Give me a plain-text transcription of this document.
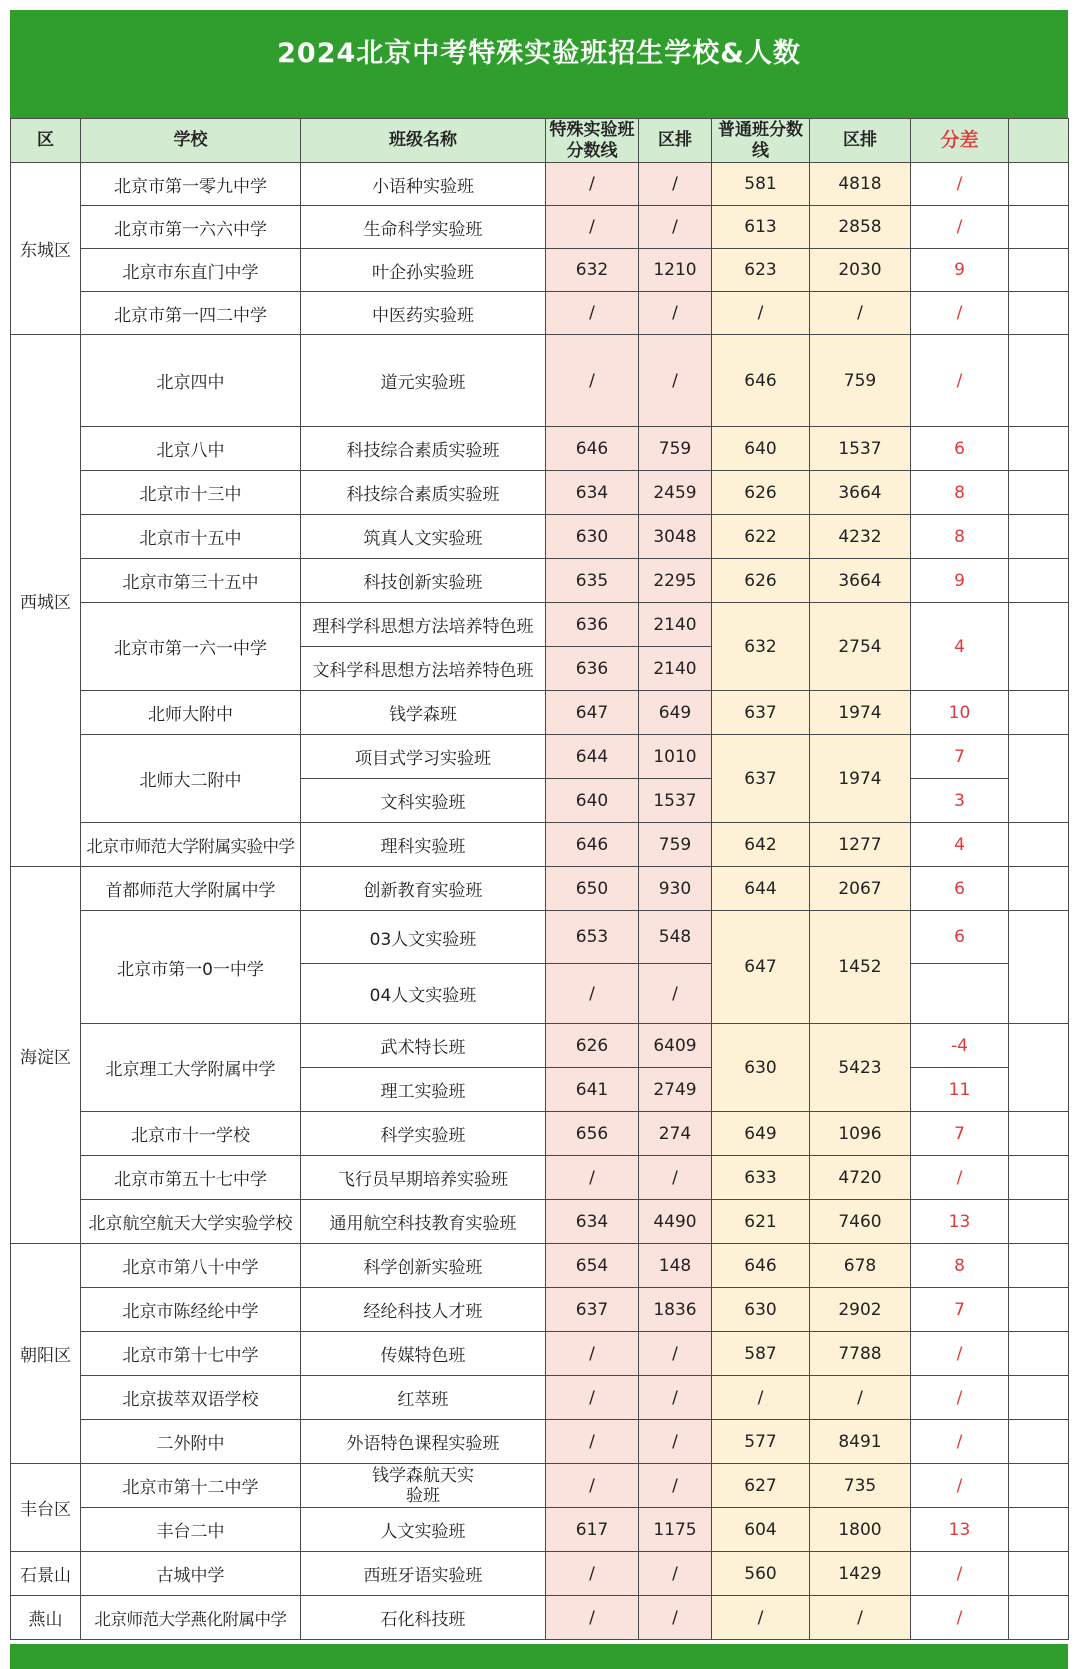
2024北京中考特殊实验班招生学校&人数
区	学校	班级名称	特殊实验班分数线	区排	普通班分数线	区排	分差	
东城区	北京市第一零九中学	小语种实验班	/	/	581	4818	/	
	北京市第一六六中学	生命科学实验班	/	/	613	2858	/	
	北京市东直门中学	叶企孙实验班	632	1210	623	2030	9	
	北京市第一四二中学	中医药实验班	/	/	/	/	/	
西城区	北京四中	道元实验班	/	/	646	759	/	
	北京八中	科技综合素质实验班	646	759	640	1537	6	
	北京市十三中	科技综合素质实验班	634	2459	626	3664	8	
	北京市十五中	筑真人文实验班	630	3048	622	4232	8	
	北京市第三十五中	科技创新实验班	635	2295	626	3664	9	
	北京市第一六一中学	理科学科思想方法培养特色班	636	2140	632	2754	4	
		文科学科思想方法培养特色班	636	2140				
	北师大附中	钱学森班	647	649	637	1974	10	
	北师大二附中	项目式学习实验班	644	1010	637	1974	7	
		文科实验班	640	1537			3	
	北京市师范大学附属实验中学	理科实验班	646	759	642	1277	4	
海淀区	首都师范大学附属中学	创新教育实验班	650	930	644	2067	6	
	北京市第一0一中学	03人文实验班	653	548	647	1452	6	
		04人文实验班	/	/				
	北京理工大学附属中学	武术特长班	626	6409	630	5423	-4	
		理工实验班	641	2749			11	
	北京市十一学校	科学实验班	656	274	649	1096	7	
	北京市第五十七中学	飞行员早期培养实验班	/	/	633	4720	/	
	北京航空航天大学实验学校	通用航空科技教育实验班	634	4490	621	7460	13	
朝阳区	北京市第八十中学	科学创新实验班	654	148	646	678	8	
	北京市陈经纶中学	经纶科技人才班	637	1836	630	2902	7	
	北京市第十七中学	传媒特色班	/	/	587	7788	/	
	北京拔萃双语学校	红萃班	/	/	/	/	/	
	二外附中	外语特色课程实验班	/	/	577	8491	/	
丰台区	北京市第十二中学	钱学森航天实验班	/	/	627	735	/	
	丰台二中	人文实验班	617	1175	604	1800	13	
石景山	古城中学	西班牙语实验班	/	/	560	1429	/	
燕山	北京师范大学燕化附属中学	石化科技班	/	/	/	/	/	
